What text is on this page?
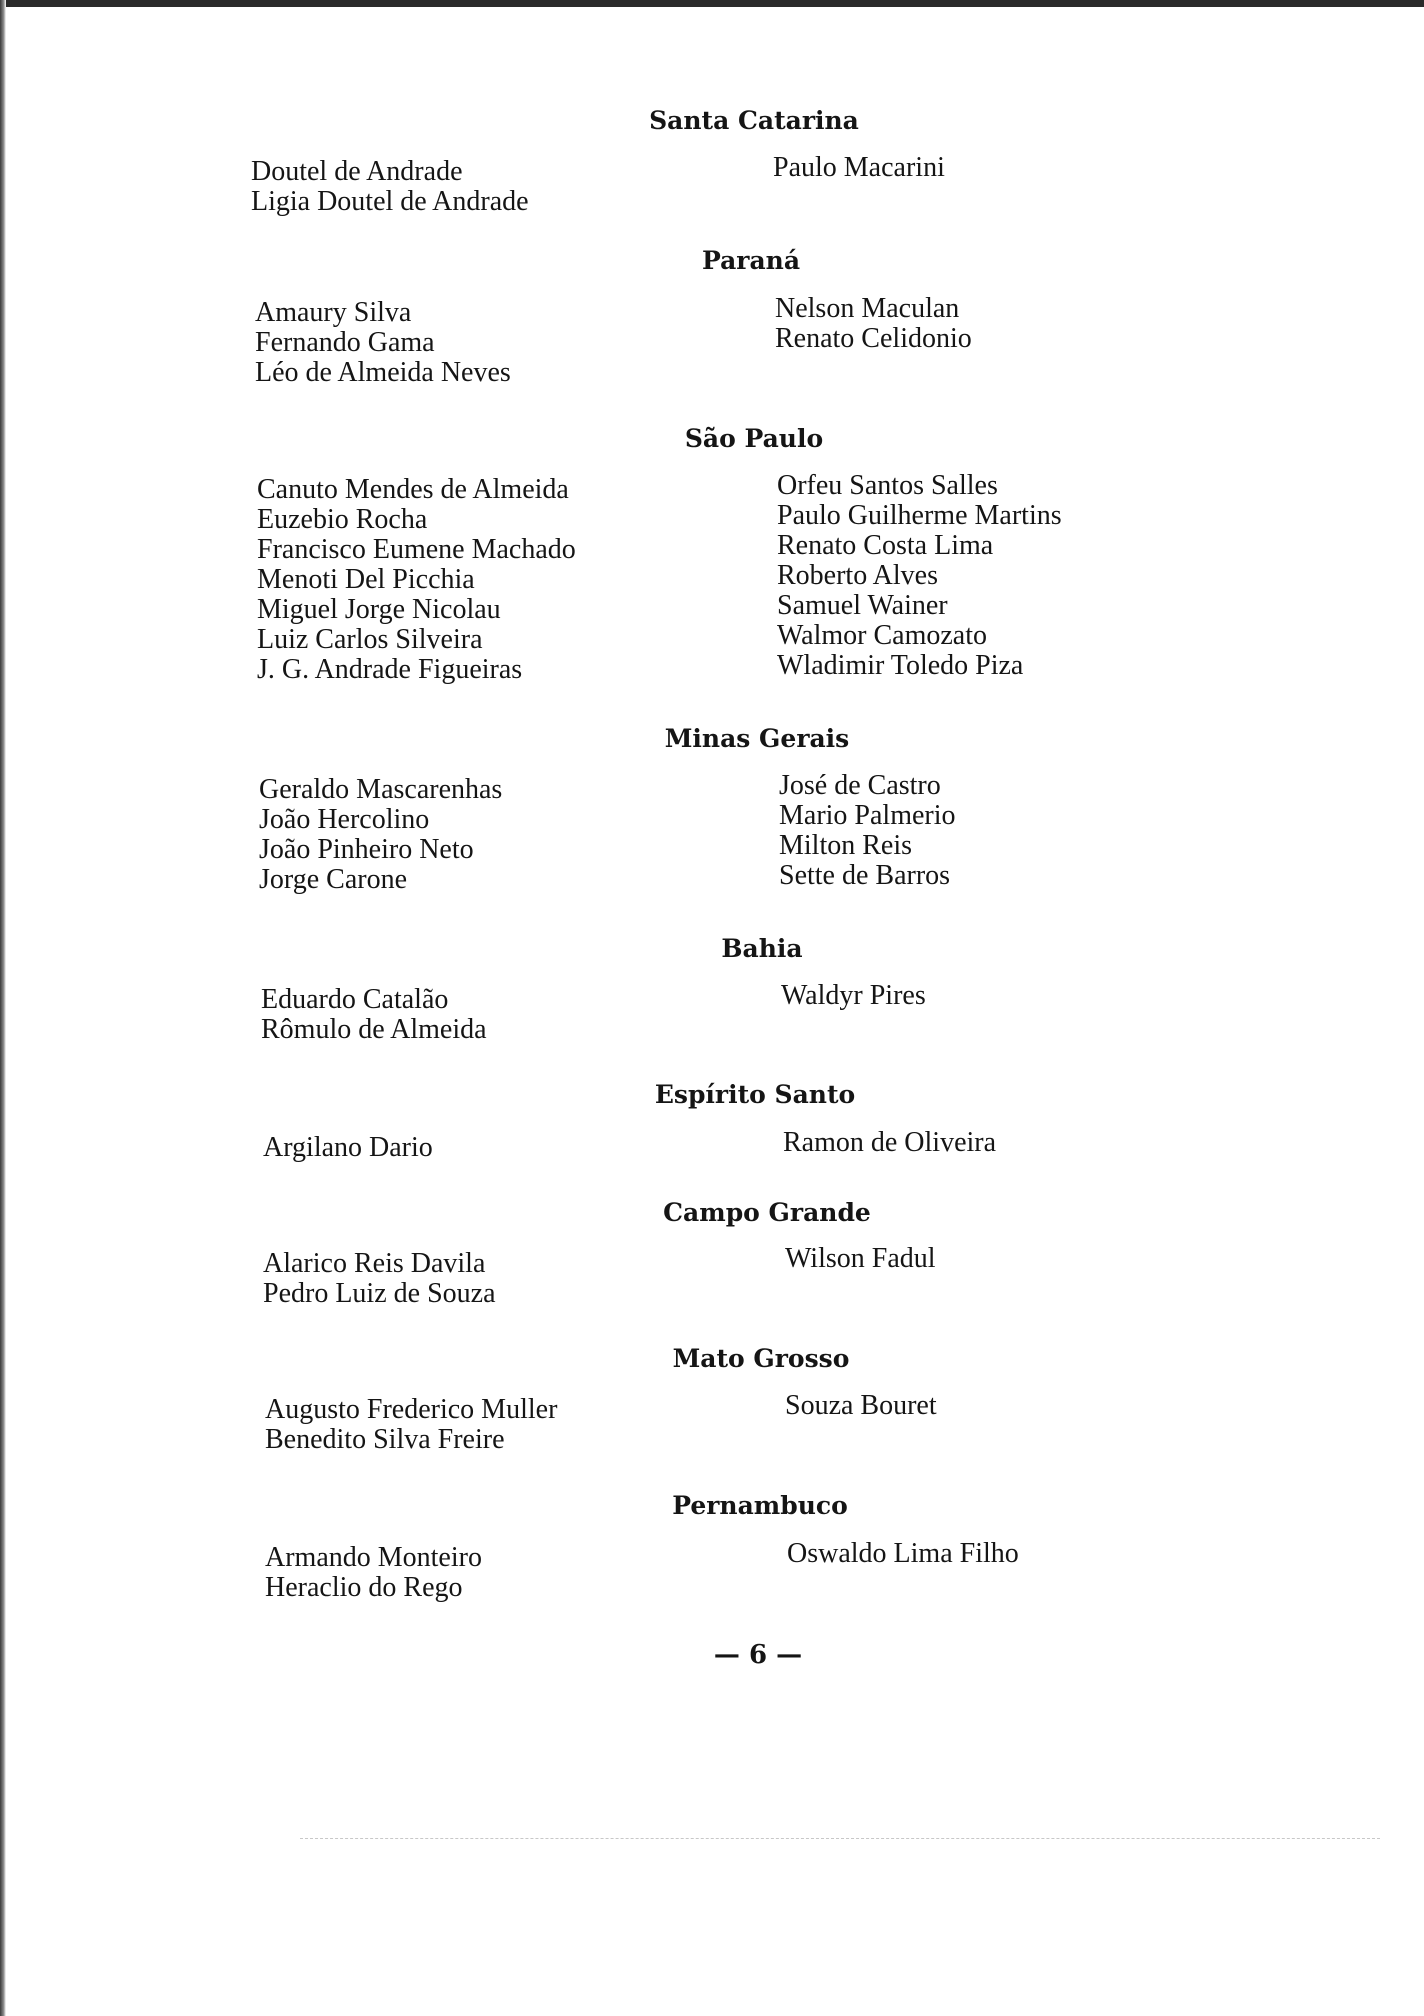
Santa Catarina
Doutel de Andrade
Ligia Doutel de Andrade
Paulo Macarini
Paraná
Amaury Silva
Fernando Gama
Léo de Almeida Neves
Nelson Maculan
Renato Celidonio
São Paulo
Canuto Mendes de Almeida
Euzebio Rocha
Francisco Eumene Machado
Menoti Del Picchia
Miguel Jorge Nicolau
Luiz Carlos Silveira
J. G. Andrade Figueiras
Orfeu Santos Salles
Paulo Guilherme Martins
Renato Costa Lima
Roberto Alves
Samuel Wainer
Walmor Camozato
Wladimir Toledo Piza
Minas Gerais
Geraldo Mascarenhas
João Hercolino
João Pinheiro Neto
Jorge Carone
José de Castro
Mario Palmerio
Milton Reis
Sette de Barros
Bahia
Eduardo Catalão
Rômulo de Almeida
Waldyr Pires
Espírito Santo
Argilano Dario	Ramon de Oliveira
Campo Grande
Alarico Reis Davila
Pedro Luiz de Souza
Wilson Fadul
Mato Grosso
Augusto Frederico Muller
Benedito Silva Freire
Souza Bouret
Pernambuco
Armando Monteiro
Heraclio do Rego
Oswaldo Lima Filho
— 6 —
